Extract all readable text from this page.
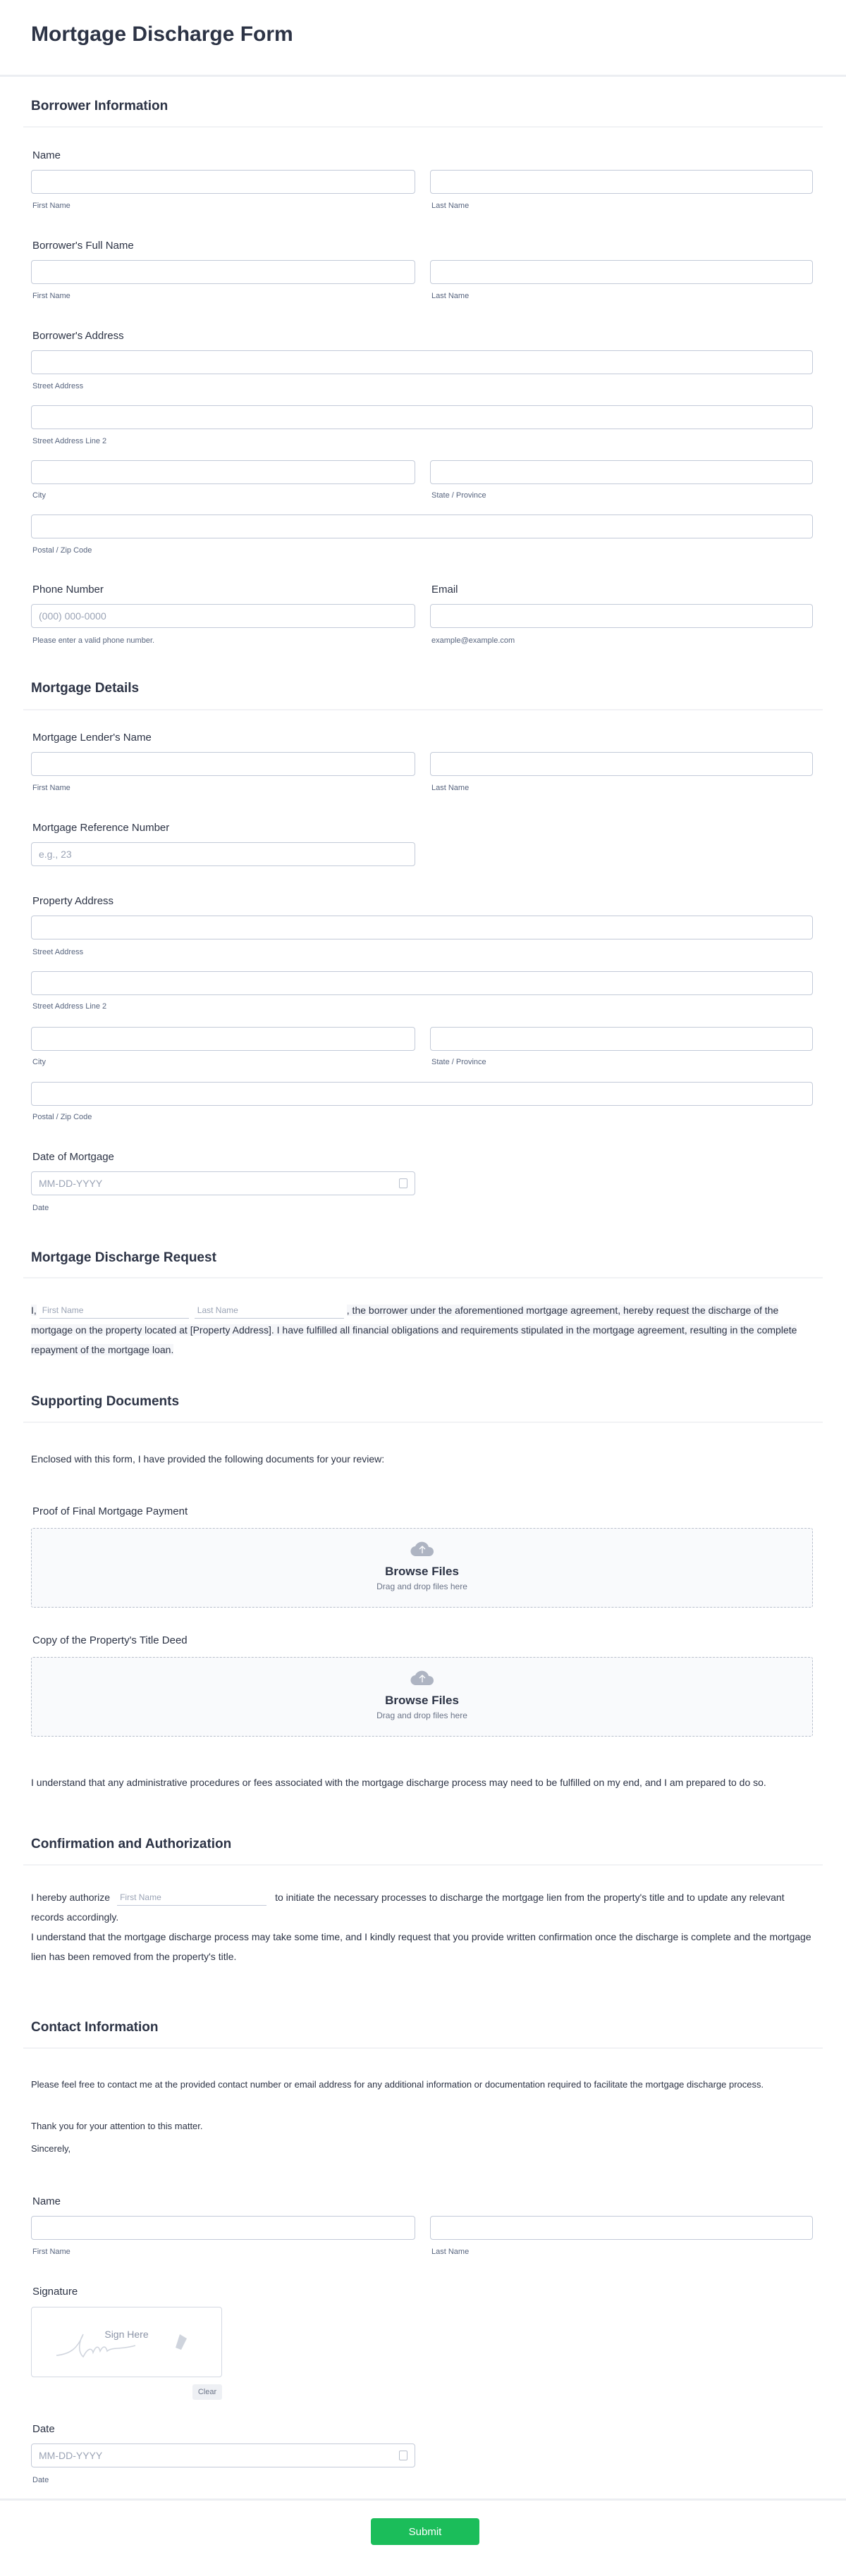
Mortgage Discharge Form
Borrower Information
Name
First Name	Last Name
Borrower's Full Name
First Name	Last Name
Borrower's Address
Street Address
Street Address Line 2
City	State / Province
Postal / Zip Code
Phone Number	Email
(000) 000-0000
Please enter a valid phone number.	example@example.com
Mortgage Details
Mortgage Lender's Name
First Name	Last Name
Mortgage Reference Number
e.g., 23
Property Address
Street Address
Street Address Line 2
City	State / Province
Postal / Zip Code
Date of Mortgage
MM-DD-YYYY
Date
Mortgage Discharge Request
I, First Name	Last Name	, the borrower under the aforementioned mortgage agreement, hereby request the discharge of the mortgage on the property located at [Property Address]. I have fulfilled all financial obligations and requirements stipulated in the mortgage agreement, resulting in the complete repayment of the mortgage loan.
Supporting Documents
Enclosed with this form, I have provided the following documents for your review:
Proof of Final Mortgage Payment
Browse Files
Drag and drop files here
Copy of the Property's Title Deed
Browse Files
Drag and drop files here
I understand that any administrative procedures or fees associated with the mortgage discharge process may need to be fulfilled on my end, and I am prepared to do so.
Confirmation and Authorization
I hereby authorize First Name	to initiate the necessary processes to discharge the mortgage lien from the property's title and to update any relevant records accordingly.
I understand that the mortgage discharge process may take some time, and I kindly request that you provide written confirmation once the discharge is complete and the mortgage lien has been removed from the property's title.
Contact Information
Please feel free to contact me at the provided contact number or email address for any additional information or documentation required to facilitate the mortgage discharge process.
Thank you for your attention to this matter.
Sincerely,
Name
First Name	Last Name
Signature
Sign Here
Clear
Date
MM-DD-YYYY
Date
Submit
